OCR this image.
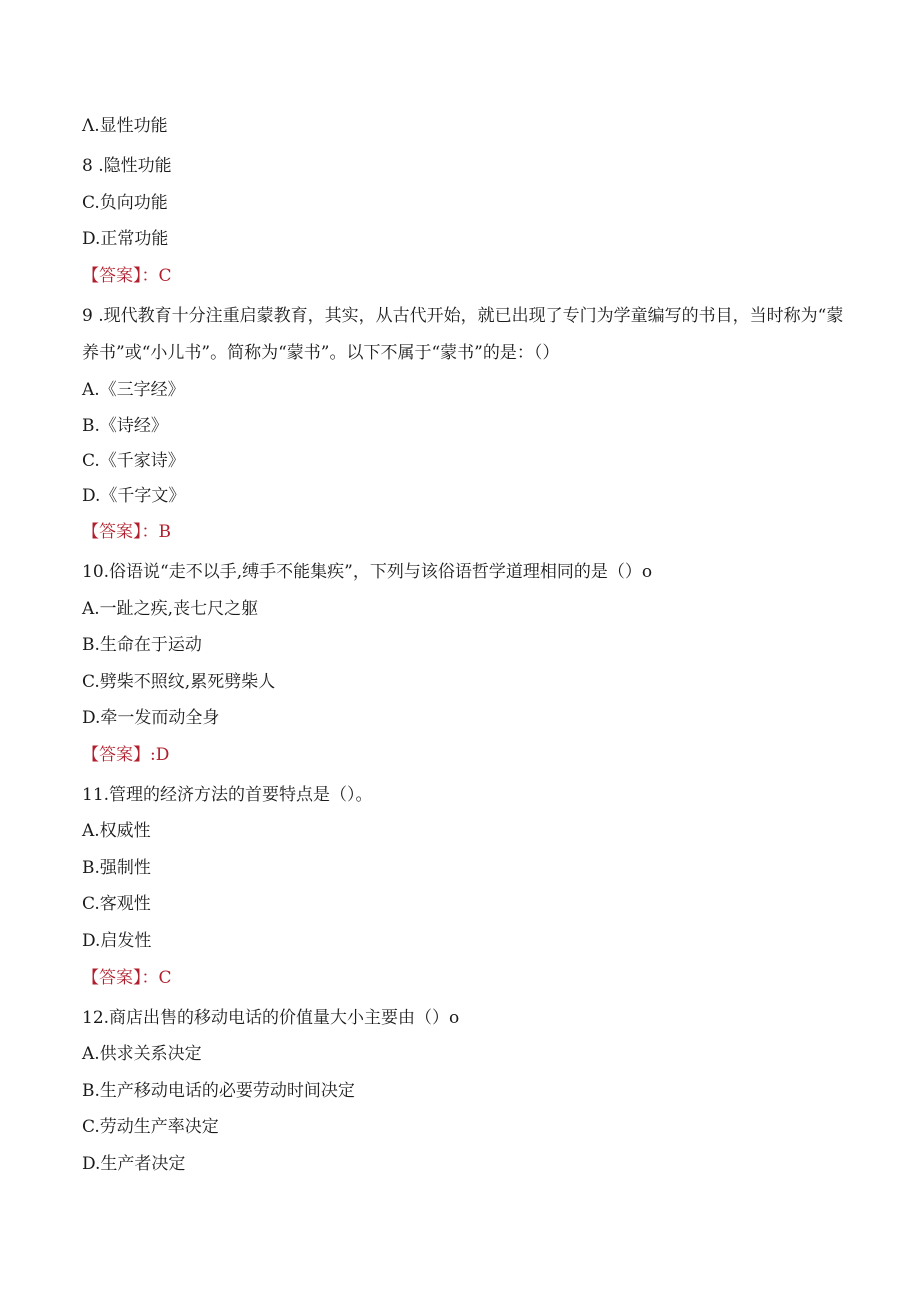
Λ.显性功能
8 .隐性功能
C.负向功能
D.正常功能
【答案】：C
9 .现代教育十分注重启蒙教育，其实，从古代开始，就已出现了专门为学童编写的书目，当时称为“蒙养书”或“小儿书”。简称为“蒙书”。以下不属于“蒙书”的是：（）
A.《三字经》
B.《诗经》
C.《千家诗》
D.《千字文》
【答案】：B
10.俗语说“走不以手,缚手不能集疾”，下列与该俗语哲学道理相同的是（）o
A.一趾之疾,丧七尺之躯
B.生命在于运动
C.劈柴不照纹,累死劈柴人
D.牵一发而动全身
【答案】:D
11.管理的经济方法的首要特点是（）。
A.权威性
B.强制性
C.客观性
D.启发性
【答案】：C
12.商店出售的移动电话的价值量大小主要由（）o
A.供求关系决定
B.生产移动电话的必要劳动时间决定
C.劳动生产率决定
D.生产者决定
